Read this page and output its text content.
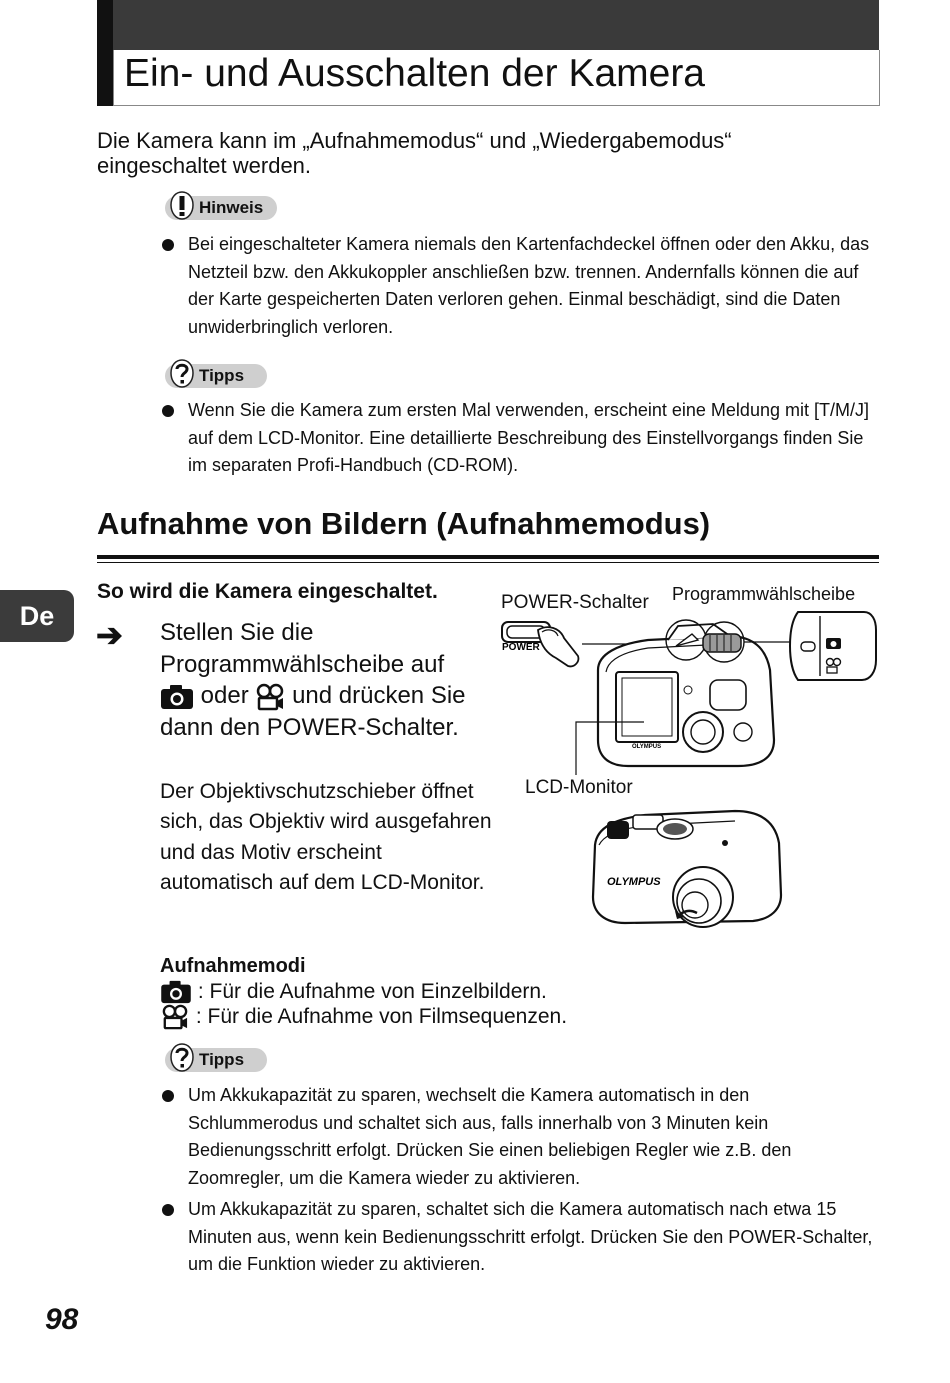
Ein- und Ausschalten der Kamera
Die Kamera kann im „Aufnahmemodus“ und „Wiedergabemodus“ eingeschaltet werden.
Hinweis
Bei eingeschalteter Kamera niemals den Kartenfachdeckel öffnen oder den Akku, das Netzteil bzw. den Akkukoppler anschließen bzw. trennen. Andernfalls können die auf der Karte gespeicherten Daten verloren gehen. Einmal beschädigt, sind die Daten unwiderbringlich verloren.
Tipps
Wenn Sie die Kamera zum ersten Mal verwenden, erscheint eine Meldung mit [T/M/J] auf dem LCD-Monitor. Eine detaillierte Beschreibung des Einstellvorgangs finden Sie im separaten Profi-Handbuch (CD-ROM).
Aufnahme von Bildern (Aufnahmemodus)
De
So wird die Kamera eingeschaltet.
➔ Stellen Sie die Programmwählscheibe auf
oder und drücken Sie dann den POWER-Schalter.
Der Objektivschutzschieber öffnet sich, das Objektiv wird ausgefahren und das Motiv erscheint automatisch auf dem LCD-Monitor.
POWER-Schalter Programmwählscheibe
LCD-Monitor
POWER
OLYMPUS
OLYMPUS
Aufnahmemodi
: Für die Aufnahme von Einzelbildern.
: Für die Aufnahme von Filmsequenzen.
Tipps
Um Akkukapazität zu sparen, wechselt die Kamera automatisch in den Schlummerodus und schaltet sich aus, falls innerhalb von 3 Minuten kein Bedienungsschritt erfolgt. Drücken Sie einen beliebigen Regler wie z.B. den Zoomregler, um die Kamera wieder zu aktivieren.
Um Akkukapazität zu sparen, schaltet sich die Kamera automatisch nach etwa 15 Minuten aus, wenn kein Bedienungsschritt erfolgt. Drücken Sie den POWER-Schalter, um die Funktion wieder zu aktivieren.
98
